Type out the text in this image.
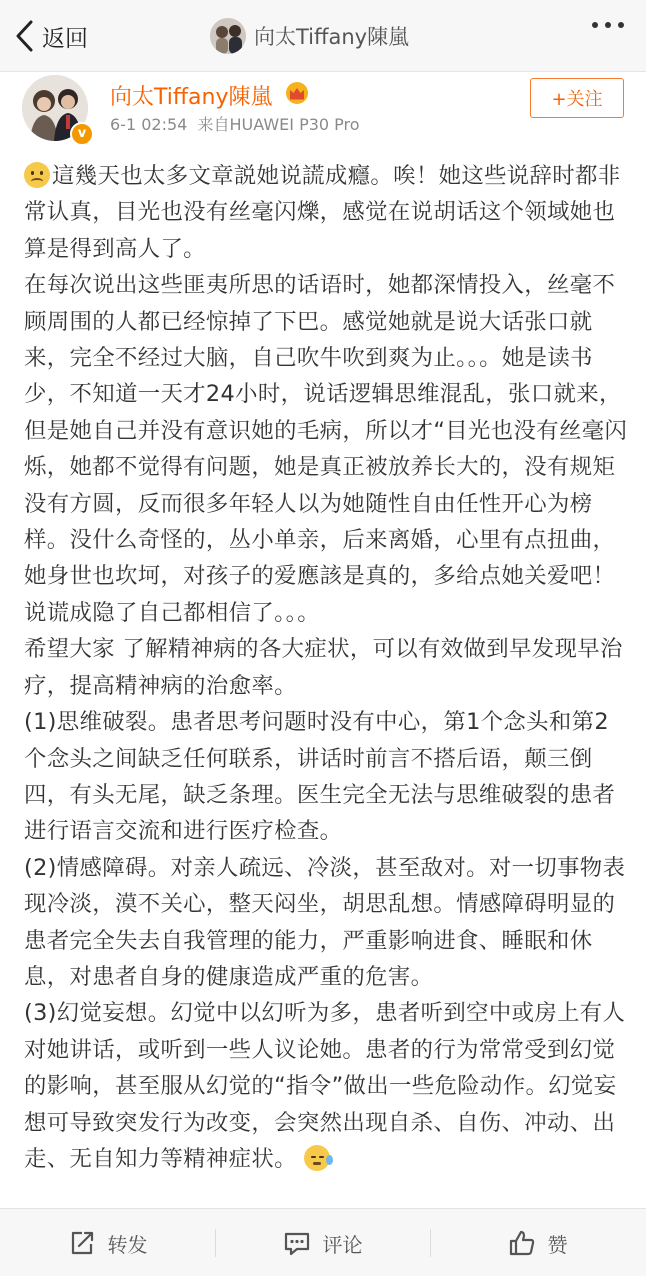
返回	向太Tiffany陳嵐
v
向太Tiffany陳嵐
6-1 02:54 来自HUAWEI P30 Pro
+关注

這幾天也太多文章説她说謊成癮。唉！她这些说辞时都非常认真，目光也没有丝毫闪爍，感觉在说胡话这个领域她也算是得到高人了。

在每次说出这些匪夷所思的话语时，她都深情投入，丝毫不顾周围的人都已经惊掉了下巴。感觉她就是说大话张口就来，完全不经过大脑，自己吹牛吹到爽为止。。。她是读书少，不知道一天才24小时，说话逻辑思维混乱，张口就来，但是她自己并没有意识她的毛病，所以才“目光也没有丝毫闪烁，她都不觉得有问题，她是真正被放养长大的，没有规矩没有方圆，反而很多年轻人以为她随性自由任性开心为榜样。没什么奇怪的，丛小单亲，后来离婚，心里有点扭曲，她身世也坎坷，对孩子的爱應該是真的，多给点她关爱吧！说谎成隐了自己都相信了。。。

希望大家 了解精神病的各大症状，可以有效做到早发现早治疗，提高精神病的治愈率。

(1)思维破裂。患者思考问题时没有中心，第1个念头和第2个念头之间缺乏任何联系，讲话时前言不搭后语，颠三倒四，有头无尾，缺乏条理。医生完全无法与思维破裂的患者进行语言交流和进行医疗检查。

(2)情感障碍。对亲人疏远、冷淡，甚至敌对。对一切事物表现冷淡，漠不关心，整天闷坐，胡思乱想。情感障碍明显的患者完全失去自我管理的能力，严重影响进食、睡眠和休息，对患者自身的健康造成严重的危害。

(3)幻觉妄想。幻觉中以幻听为多，患者听到空中或房上有人对她讲话，或听到一些人议论她。患者的行为常常受到幻觉的影响，甚至服从幻觉的“指令”做出一些危险动作。幻觉妄想可导致突发行为改变，会突然出现自杀、自伤、冲动、出走、无自知力等精神症状。

转发	评论	赞
